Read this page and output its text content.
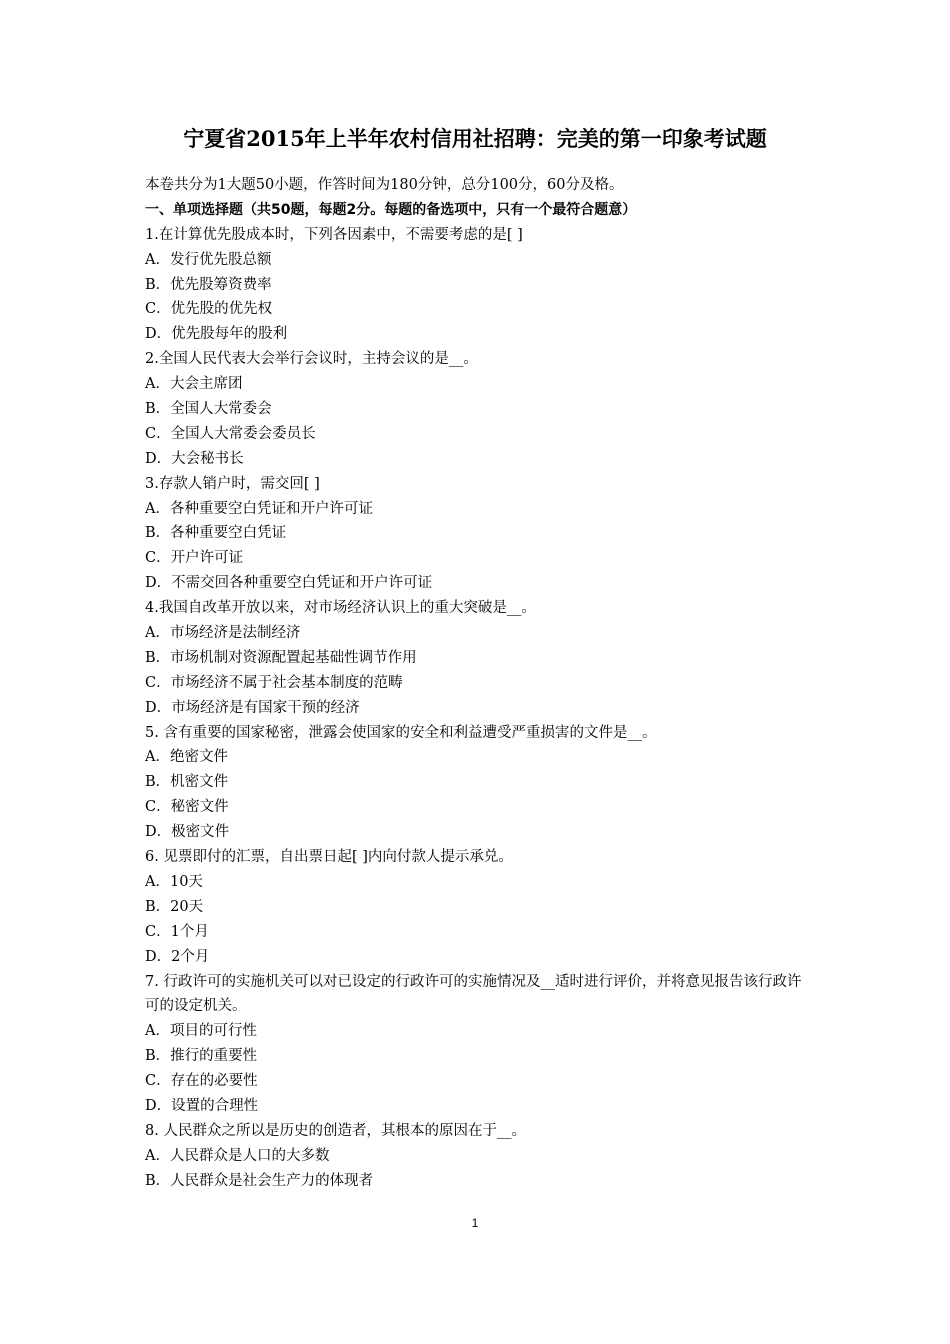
宁夏省2015年上半年农村信用社招聘：完美的第一印象考试题
本卷共分为1大题50小题，作答时间为180分钟，总分100分，60分及格。
一、单项选择题（共50题，每题2分。每题的备选项中，只有一个最符合题意）
1.在计算优先股成本时，下列各因素中，不需要考虑的是[ ]
A．发行优先股总额
B．优先股筹资费率
C．优先股的优先权
D．优先股每年的股利
2.全国人民代表大会举行会议时，主持会议的是__。
A．大会主席团
B．全国人大常委会
C．全国人大常委会委员长
D．大会秘书长
3.存款人销户时，需交回[ ]
A．各种重要空白凭证和开户许可证
B．各种重要空白凭证
C．开户许可证
D．不需交回各种重要空白凭证和开户许可证
4.我国自改革开放以来，对市场经济认识上的重大突破是__。
A．市场经济是法制经济
B．市场机制对资源配置起基础性调节作用
C．市场经济不属于社会基本制度的范畴
D．市场经济是有国家干预的经济
5. 含有重要的国家秘密，泄露会使国家的安全和利益遭受严重损害的文件是__。
A．绝密文件
B．机密文件
C．秘密文件
D．极密文件
6. 见票即付的汇票，自出票日起[ ]内向付款人提示承兑。
A．10天
B．20天
C．1个月
D．2个月
7. 行政许可的实施机关可以对已设定的行政许可的实施情况及__适时进行评价，并将意见报告该行政许可的设定机关。
A．项目的可行性
B．推行的重要性
C．存在的必要性
D．设置的合理性
8. 人民群众之所以是历史的创造者，其根本的原因在于__。
A．人民群众是人口的大多数
B．人民群众是社会生产力的体现者
1
